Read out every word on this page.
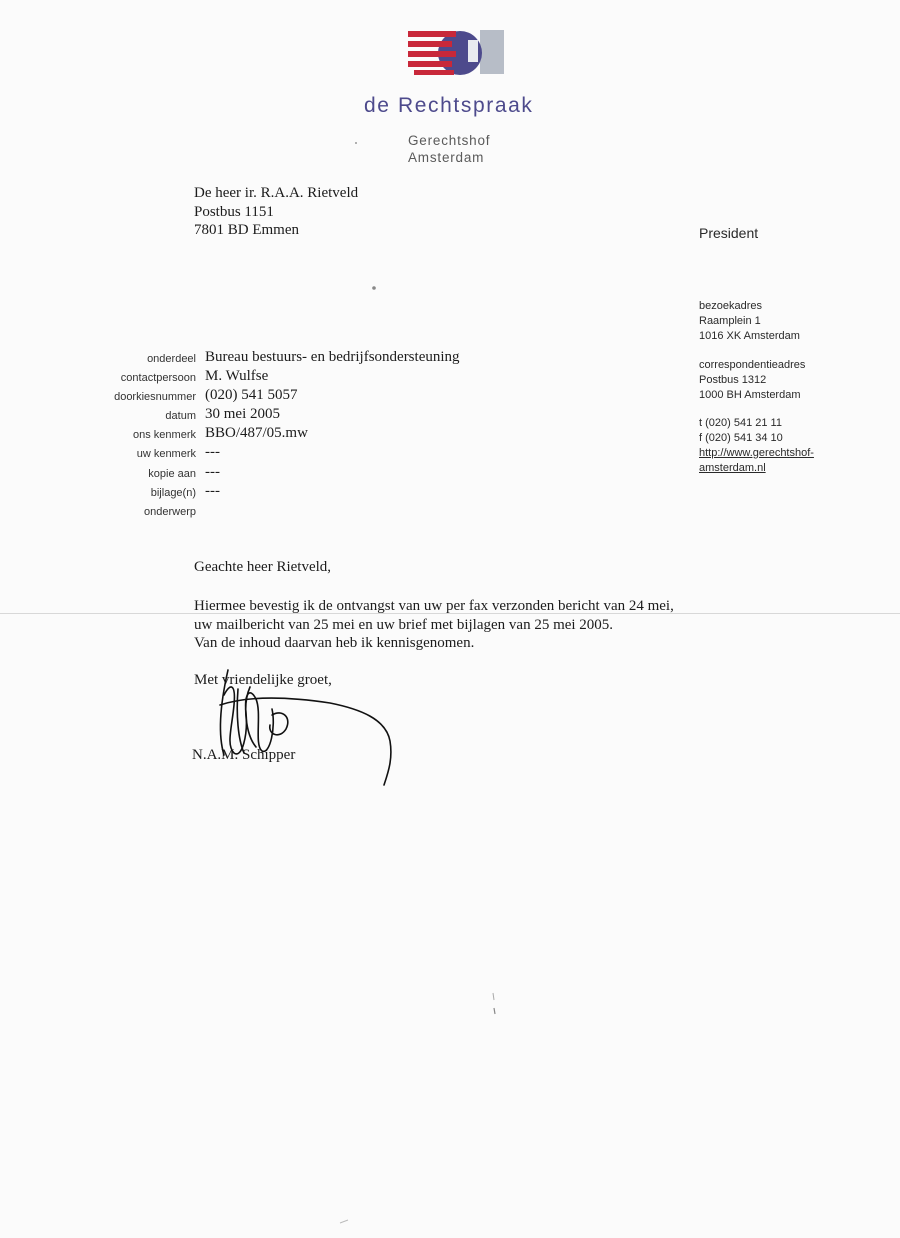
de Rechtspraak
Gerechtshof
Amsterdam
De heer ir. R.A.A. Rietveld
Postbus 1151
7801 BD Emmen	President
bezoekadres
Raamplein 1
1016 XK Amsterdam
correspondentieadres
Postbus 1312
1000 BH Amsterdam
t (020) 541 21 11
f (020) 541 34 10
http://www.gerechtshof-
amsterdam.nl
onderdeel
contactpersoon
doorkiesnummer
datum
ons kenmerk
uw kenmerk
kopie aan
bijlage(n)
onderwerp
Bureau bestuurs- en bedrijfsondersteuning
M. Wulfse
(020) 541 5057
30 mei 2005
BBO/487/05.mw
---
---
---
Geachte heer Rietveld,
Hiermee bevestig ik de ontvangst van uw per fax verzonden bericht van 24 mei,
uw mailbericht van 25 mei en uw brief met bijlagen van 25 mei 2005.
Van de inhoud daarvan heb ik kennisgenomen.
Met vriendelijke groet,
N.A.M. Schipper
